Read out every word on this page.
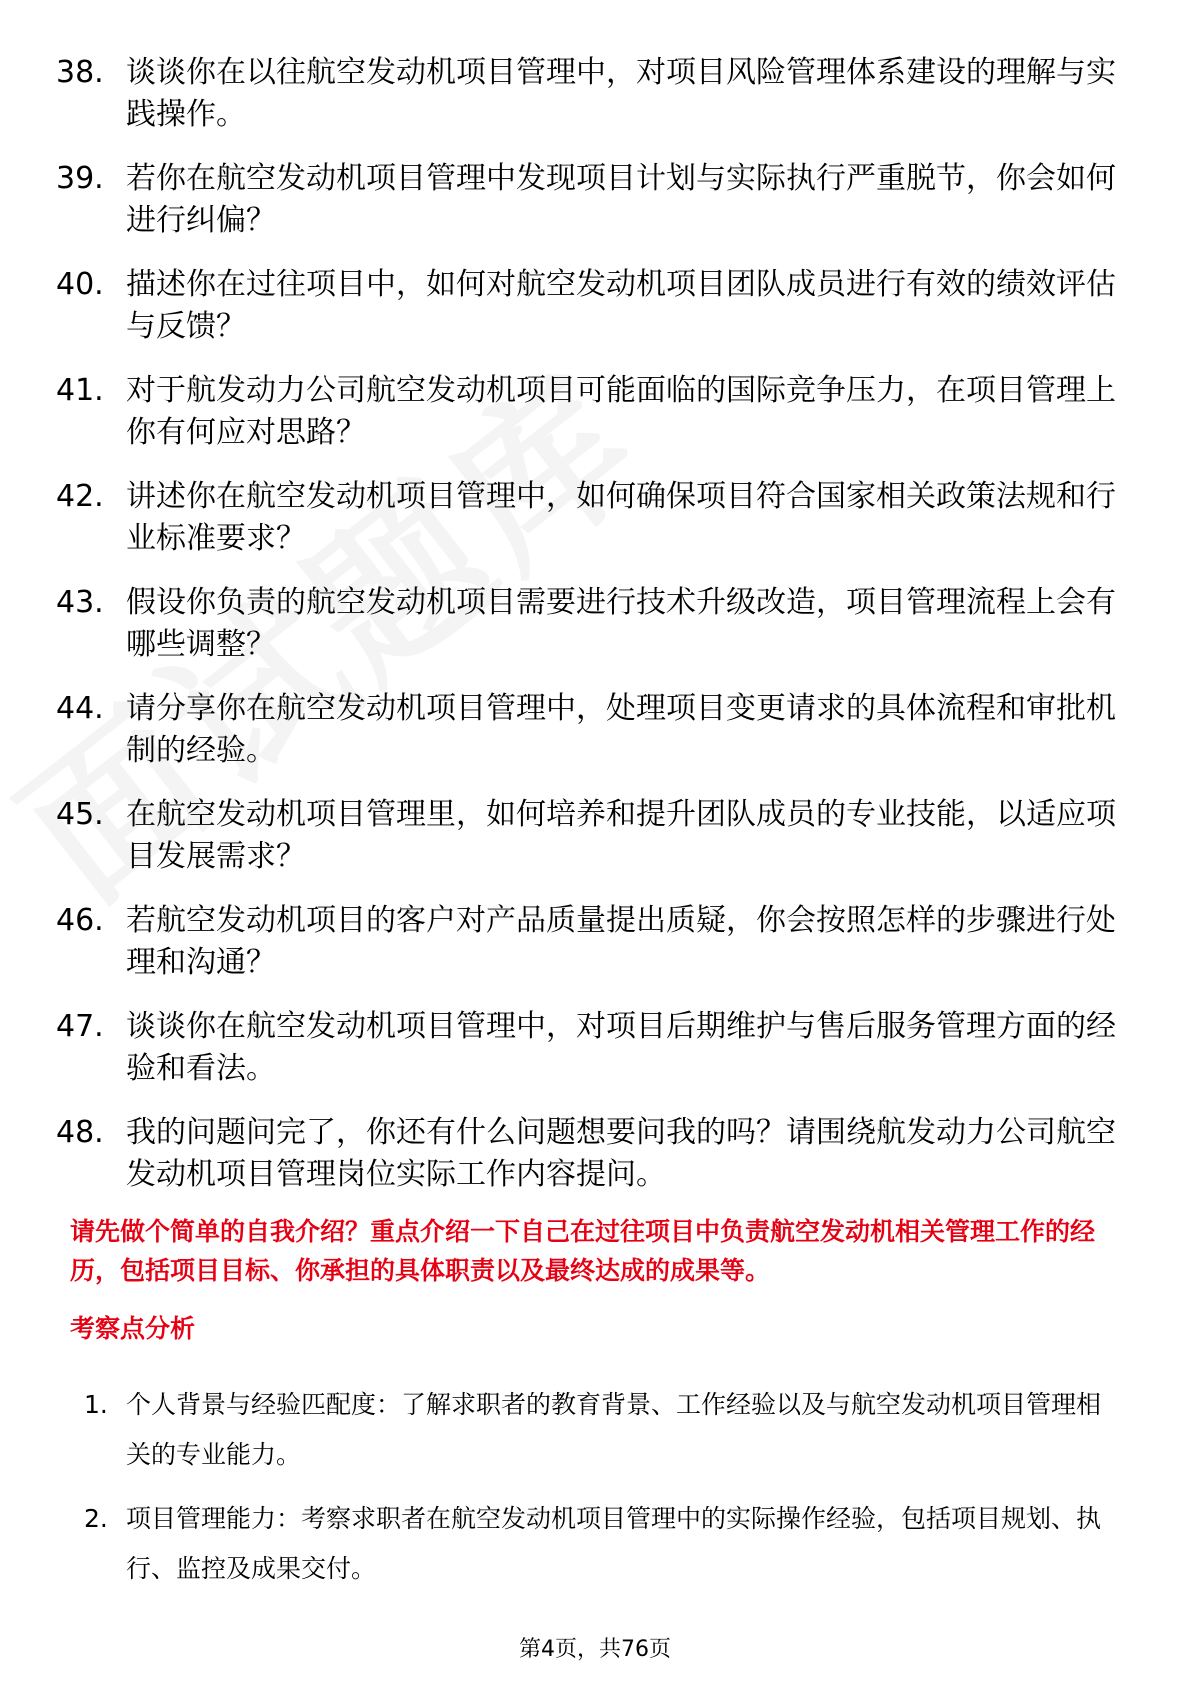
38. 谈谈你在以往航空发动机项目管理中，对项目风险管理体系建设的理解与实践操作。
39. 若你在航空发动机项目管理中发现项目计划与实际执行严重脱节，你会如何进行纠偏？
40. 描述你在过往项目中，如何对航空发动机项目团队成员进行有效的绩效评估与反馈？
41. 对于航发动力公司航空发动机项目可能面临的国际竞争压力，在项目管理上你有何应对思路？
42. 讲述你在航空发动机项目管理中，如何确保项目符合国家相关政策法规和行业标准要求？
43. 假设你负责的航空发动机项目需要进行技术升级改造，项目管理流程上会有哪些调整？
44. 请分享你在航空发动机项目管理中，处理项目变更请求的具体流程和审批机制的经验。
45. 在航空发动机项目管理里，如何培养和提升团队成员的专业技能，以适应项目发展需求？
46. 若航空发动机项目的客户对产品质量提出质疑，你会按照怎样的步骤进行处理和沟通？
47. 谈谈你在航空发动机项目管理中，对项目后期维护与售后服务管理方面的经验和看法。
48. 我的问题问完了，你还有什么问题想要问我的吗？请围绕航发动力公司航空发动机项目管理岗位实际工作内容提问。
请先做个简单的自我介绍？重点介绍一下自己在过往项目中负责航空发动机相关管理工作的经历，包括项目目标、你承担的具体职责以及最终达成的成果等。
考察点分析
1. 个人背景与经验匹配度：了解求职者的教育背景、工作经验以及与航空发动机项目管理相关的专业能力。
2. 项目管理能力：考察求职者在航空发动机项目管理中的实际操作经验，包括项目规划、执行、监控及成果交付。
第4页，共76页
